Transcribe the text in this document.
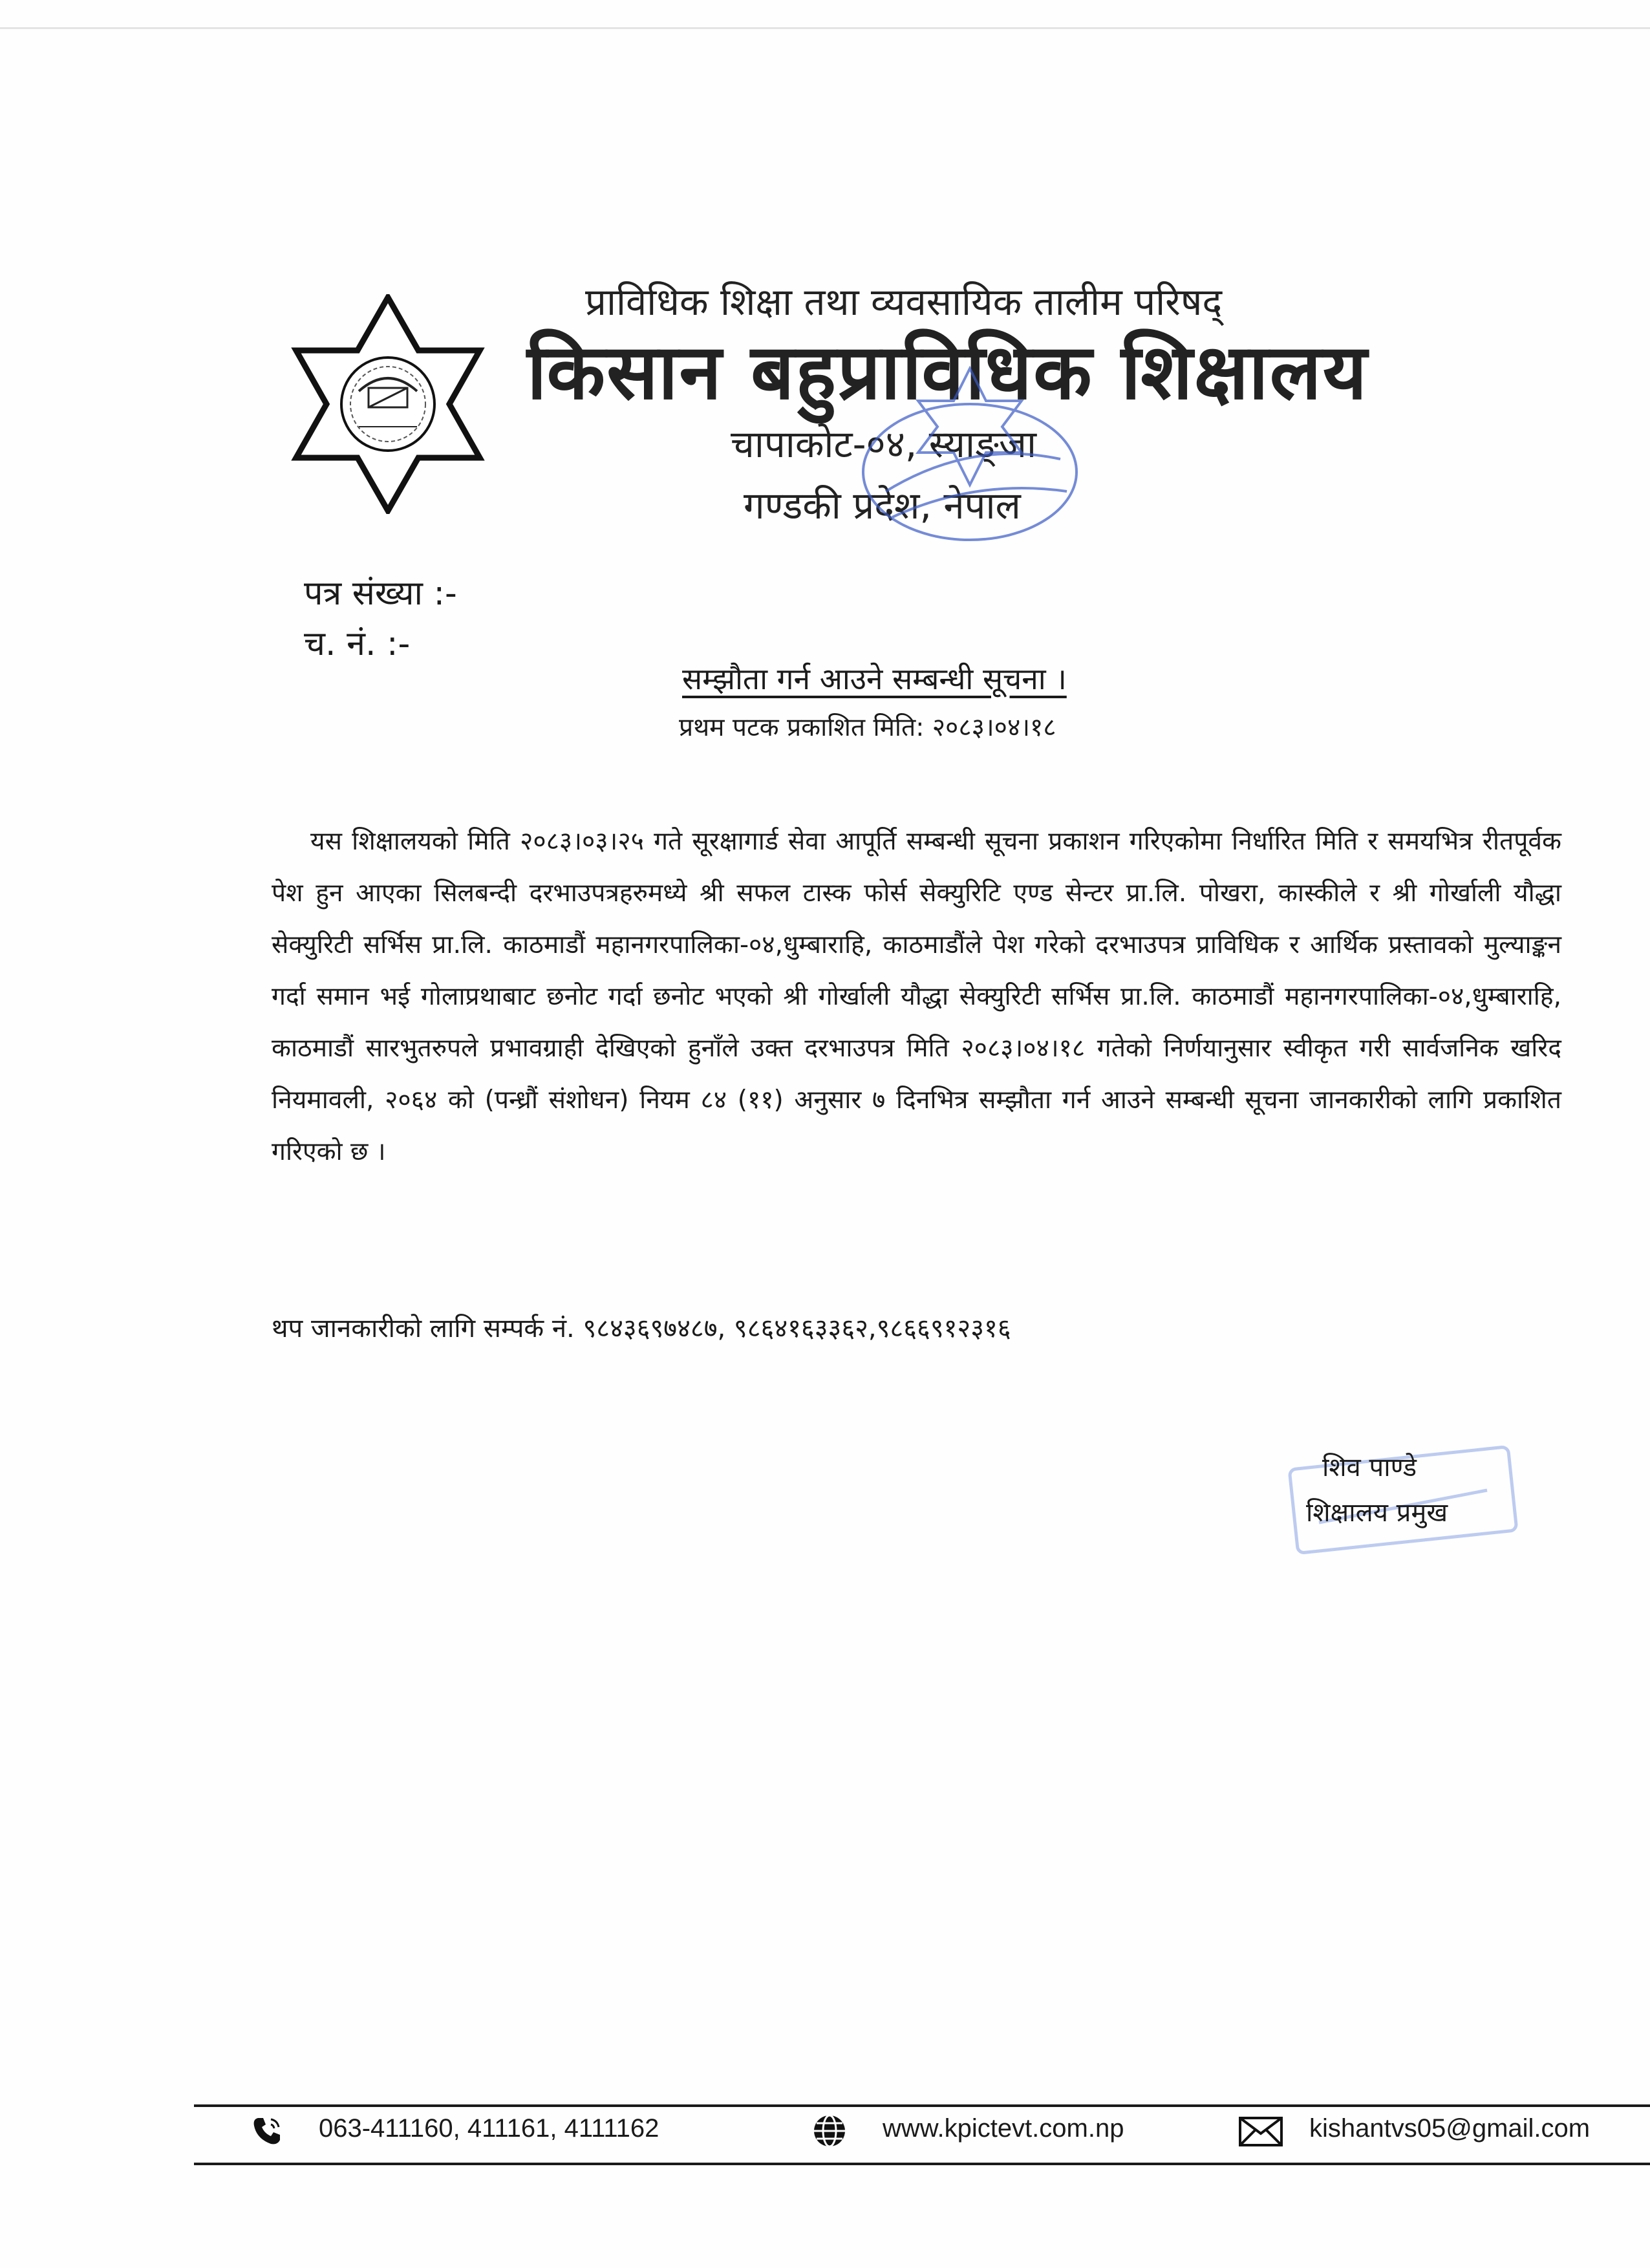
प्राविधिक शिक्षा तथा व्यवसायिक तालीम परिषद्
किसान बहुप्राविधिक शिक्षालय
चापाकोट-०४, स्याङ्जा
गण्डकी प्रदेश, नेपाल
पत्र संख्या :-
च. नं. :-
सम्झौता गर्न आउने सम्बन्धी सूचना ।
प्रथम पटक प्रकाशित मिति: २०८३।०४।१८
यस शिक्षालयको मिति २०८३।०३।२५ गते सूरक्षागार्ड सेवा आपूर्ति सम्बन्धी सूचना प्रकाशन गरिएकोमा निर्धारित मिति र समयभित्र रीतपूर्वक पेश हुन आएका सिलबन्दी दरभाउपत्रहरुमध्ये श्री सफल टास्क फोर्स सेक्युरिटि एण्ड सेन्टर प्रा.लि. पोखरा, कास्कीले र श्री गोर्खाली यौद्धा सेक्युरिटी सर्भिस प्रा.लि. काठमाडौं महानगरपालिका-०४,धुम्बाराहि, काठमाडौंले पेश गरेको दरभाउपत्र प्राविधिक र आर्थिक प्रस्तावको मुल्याङ्कन गर्दा समान भई गोलाप्रथाबाट छनोट गर्दा छनोट भएको श्री गोर्खाली यौद्धा सेक्युरिटी सर्भिस प्रा.लि. काठमाडौं महानगरपालिका-०४,धुम्बाराहि, काठमाडौं सारभुतरुपले प्रभावग्राही देखिएको हुनाँले उक्त दरभाउपत्र मिति २०८३।०४।१८ गतेको निर्णयानुसार स्वीकृत गरी सार्वजनिक खरिद नियमावली, २०६४ को (पन्ध्रौं संशोधन) नियम ८४ (११) अनुसार ७ दिनभित्र सम्झौता गर्न आउने सम्बन्धी सूचना जानकारीको लागि प्रकाशित गरिएको छ ।
थप जानकारीको लागि सम्पर्क नं. ९८४३६९७४८७, ९८६४१६३३६२,९८६६९१२३१६
शिव पाण्डे
शिक्षालय प्रमुख
063-411160, 411161, 4111162	www.kpictevt.com.np	kishantvs05@gmail.com
